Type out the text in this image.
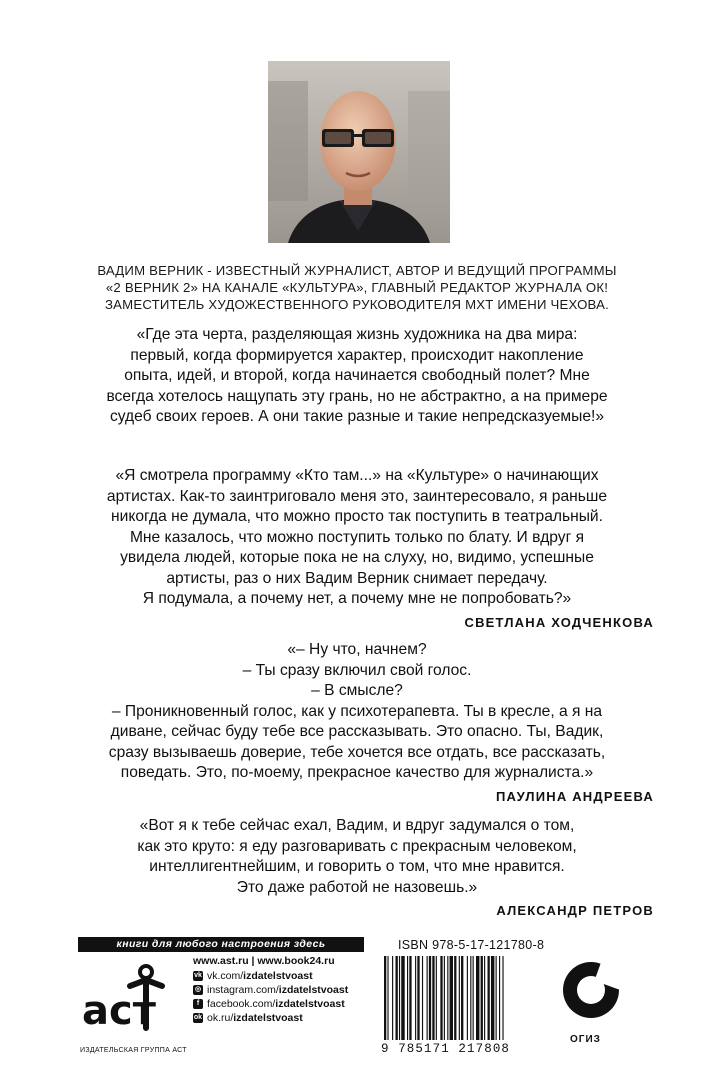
ВАДИМ ВЕРНИК - ИЗВЕСТНЫЙ ЖУРНАЛИСТ, АВТОР И ВЕДУЩИЙ ПРОГРАММЫ
«2 ВЕРНИК 2» НА КАНАЛЕ «КУЛЬТУРА», ГЛАВНЫЙ РЕДАКТОР ЖУРНАЛА ОК!
ЗАМЕСТИТЕЛЬ ХУДОЖЕСТВЕННОГО РУКОВОДИТЕЛЯ МХТ ИМЕНИ ЧЕХОВА.
«Где эта черта, разделяющая жизнь художника на два мира:
первый, когда формируется характер, происходит накопление
опыта, идей, и второй, когда начинается свободный полет? Мне
всегда хотелось нащупать эту грань, но не абстрактно, а на примере
судеб своих героев. А они такие разные и такие непредсказуемые!»
«Я смотрела программу «Кто там...» на «Культуре» о начинающих
артистах. Как-то заинтриговало меня это, заинтересовало, я раньше
никогда не думала, что можно просто так поступить в театральный.
Мне казалось, что можно поступить только по блату. И вдруг я
увидела людей, которые пока не на слуху, но, видимо, успешные
артисты, раз о них Вадим Верник снимает передачу.
Я подумала, а почему нет, а почему мне не попробовать?»
СВЕТЛАНА ХОДЧЕНКОВА
«– Ну что, начнем?
– Ты сразу включил свой голос.
– В смысле?
– Проникновенный голос, как у психотерапевта. Ты в кресле, а я на
диване, сейчас буду тебе все рассказывать. Это опасно. Ты, Вадик,
сразу вызываешь доверие, тебе хочется все отдать, все рассказать,
поведать. Это, по-моему, прекрасное качество для журналиста.»
ПАУЛИНА АНДРЕЕВА
«Вот я к тебе сейчас ехал, Вадим, и вдруг задумался о том,
как это круто: я еду разговаривать с прекрасным человеком,
интеллигентнейшим, и говорить о том, что мне нравится.
Это даже работой не назовешь.»
АЛЕКСАНДР ПЕТРОВ
книги для любого настроения здесь
аст
ИЗДАТЕЛЬСКАЯ ГРУППА АСТ
www.ast.ru | www.book24.ru
vk vk.com/ izdatelstvoast
◎ instagram.com/ izdatelstvoast
f facebook.com/ izdatelstvoast
ok ok.ru/ izdatelstvoast
ISBN 978-5-17-121780-8
9 785171 217808
ОГИЗ
